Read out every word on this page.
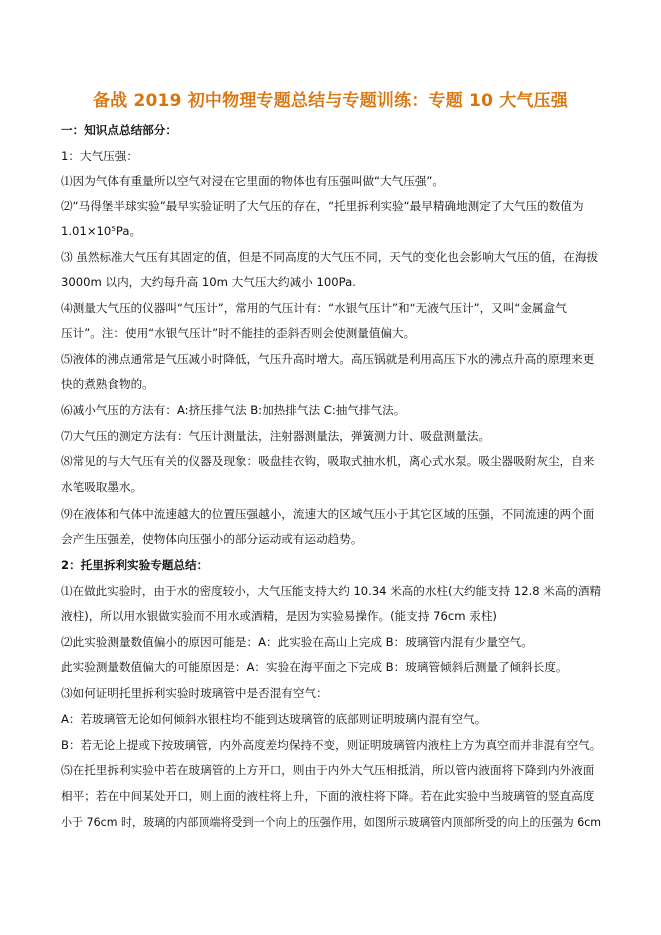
备战 2019 初中物理专题总结与专题训练：专题 10 大气压强
一：知识点总结部分：
1：大气压强：
⑴因为气体有重量所以空气对浸在它里面的物体也有压强叫做“大气压强”。
⑵“马得堡半球实验”最早实验证明了大气压的存在，“托里拆利实验“最早精确地测定了大气压的数值为
1.01×10⁵Pa。
⑶ 虽然标准大气压有其固定的值，但是不同高度的大气压不同，天气的变化也会影响大气压的值，在海拔
3000m 以内，大约每升高 10m 大气压大约减小 100Pa.
⑷测量大气压的仪器叫“气压计”，常用的气压计有：“水银气压计”和“无液气压计”，又叫“金属盒气
压计”。注：使用“水银气压计”时不能挂的歪斜否则会使测量值偏大。
⑸液体的沸点通常是气压减小时降低，气压升高时增大。高压锅就是利用高压下水的沸点升高的原理来更
快的煮熟食物的。
⑹减小气压的方法有：A:挤压排气法 B:加热排气法 C:抽气排气法。
⑺大气压的测定方法有：气压计测量法，注射器测量法，弹簧测力计、吸盘测量法。
⑻常见的与大气压有关的仪器及现象：吸盘挂衣钩，吸取式抽水机，离心式水泵。吸尘器吸附灰尘，自来
水笔吸取墨水。
⑼在液体和气体中流速越大的位置压强越小，流速大的区域气压小于其它区域的压强，不同流速的两个面
会产生压强差，使物体向压强小的部分运动或有运动趋势。
2：托里拆利实验专题总结：
⑴在做此实验时，由于水的密度较小，大气压能支持大约 10.34 米高的水柱(大约能支持 12.8 米高的酒精
液柱)，所以用水银做实验而不用水或酒精，是因为实验易操作。(能支持 76cm 汞柱)
⑵此实验测量数值偏小的原因可能是：A：此实验在高山上完成 B：玻璃管内混有少量空气。
此实验测量数值偏大的可能原因是：A：实验在海平面之下完成 B：玻璃管倾斜后测量了倾斜长度。
⑶如何证明托里拆利实验时玻璃管中是否混有空气：
A：若玻璃管无论如何倾斜水银柱均不能到达玻璃管的底部则证明玻璃内混有空气。
B：若无论上提或下按玻璃管，内外高度差均保持不变，则证明玻璃管内液柱上方为真空而并非混有空气。
⑸在托里拆利实验中若在玻璃管的上方开口，则由于内外大气压相抵消，所以管内液面将下降到内外液面
相平；若在中间某处开口，则上面的液柱将上升，下面的液柱将下降。若在此实验中当玻璃管的竖直高度
小于 76cm 时，玻璃的内部顶端将受到一个向上的压强作用，如图所示玻璃管内顶部所受的向上的压强为 6cm
